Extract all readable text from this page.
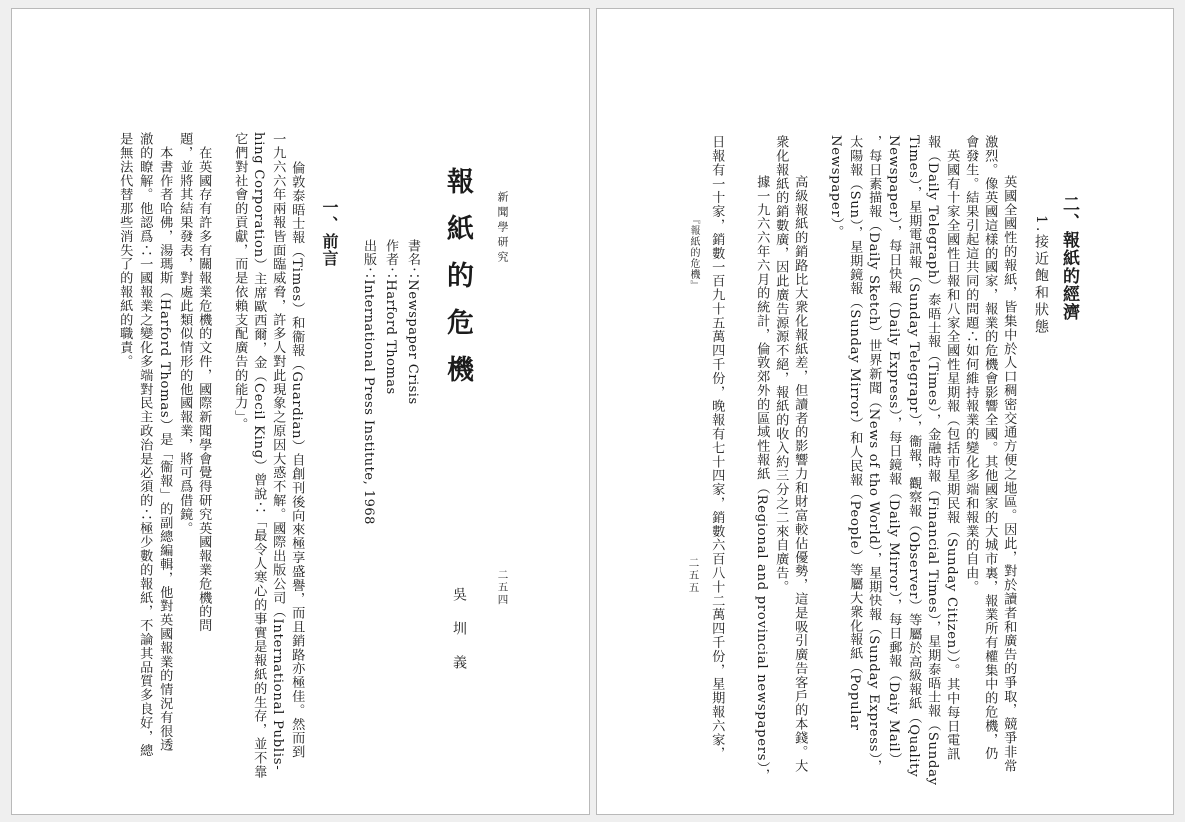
新聞學研究
報紙的危機
書名∴Newspaper Crisis
作者∴Harford Thomas
出版∴International Press Institute, 1968
二五四
吳圳義
一、前言
倫敦泰晤士報（Times）和衞報（Guardian）自創刊後向來極享盛譽，而且銷路亦極佳。然而到
一九六六年兩報皆面臨威脅，許多人對此現象之原因大惑不解。國際出版公司（International Publis-
hing Corporation）主席歐西爾，金（Cecil King）曾說∴「最令人寒心的事實是報紙的生存，並不靠
它們對社會的貢獻，而是依賴支配廣告的能力」。
　在英國存有許多有關報業危機的文件，國際新聞學會覺得研究英國報業危機的問
題，並將其結果發表，對處此類似情形的他國報業，將可爲借鏡。
　本書作者哈佛，湯瑪斯（Harford Thomas）是「衞報」的副總編輯，他對英國報業的情況有很透
澈的瞭解。他認爲∴一國報業之變化多端對民主政治是必須的∴極少數的報紙，不論其品質多良好，總
是無法代替那些消失了的報紙的職責。	二、報紙的經濟
1.接近飽和狀態
　英國全國性的報紙，皆集中於人口稠密交通方便之地區。因此，對於讀者和廣告的爭取，競爭非常
激烈。像英國這樣的國家，報業的危機會影響全國。其他國家的大城市裏，報業所有權集中的危機，仍
會發生。結果引起這共同的問題∴如何維持報業的變化多端和報業的自由。
　英國有十家全國性日報和八家全國性星期報（包括市星期民報（Sunday Citizen））。其中每日電訊
報（Daily Telegraph）泰晤士報（Times），金融時報（Financial Times），星期泰晤士報（Sunday
Times），星期電訊報（Sunday Telegrapr），衞報，觀察報（Observer）等屬於高級報紙（Quality
Newspaper），每日快報（Daily Express），每日鏡報（Daily Mirror），每日郵報（Daiy Mail）
，每日素描報（Daily Sketch）世界新聞（News of tho World），星期快報（Sunday Express），
太陽報（Sun），星期鏡報（Sunday Mirror）和人民報（People）等屬大衆化報紙（Popular
Newspaper）。
　高級報紙的銷路比大衆化報紙差，但讀者的影響力和財富較佔優勢，這是吸引廣告客戶的本錢。大
衆化報紙的銷數廣，因此廣告源源不絕，報紙的收入約三分之二來自廣告。
　據一九六六年六月的統計，倫敦郊外的區域性報紙（Regional and provincial newspapers），
日報有一十家，銷數一百九十五萬四千份，晚報有七十四家，銷數六百八十二萬四千份，星期報六家，
二五五
『報紙的危機』
